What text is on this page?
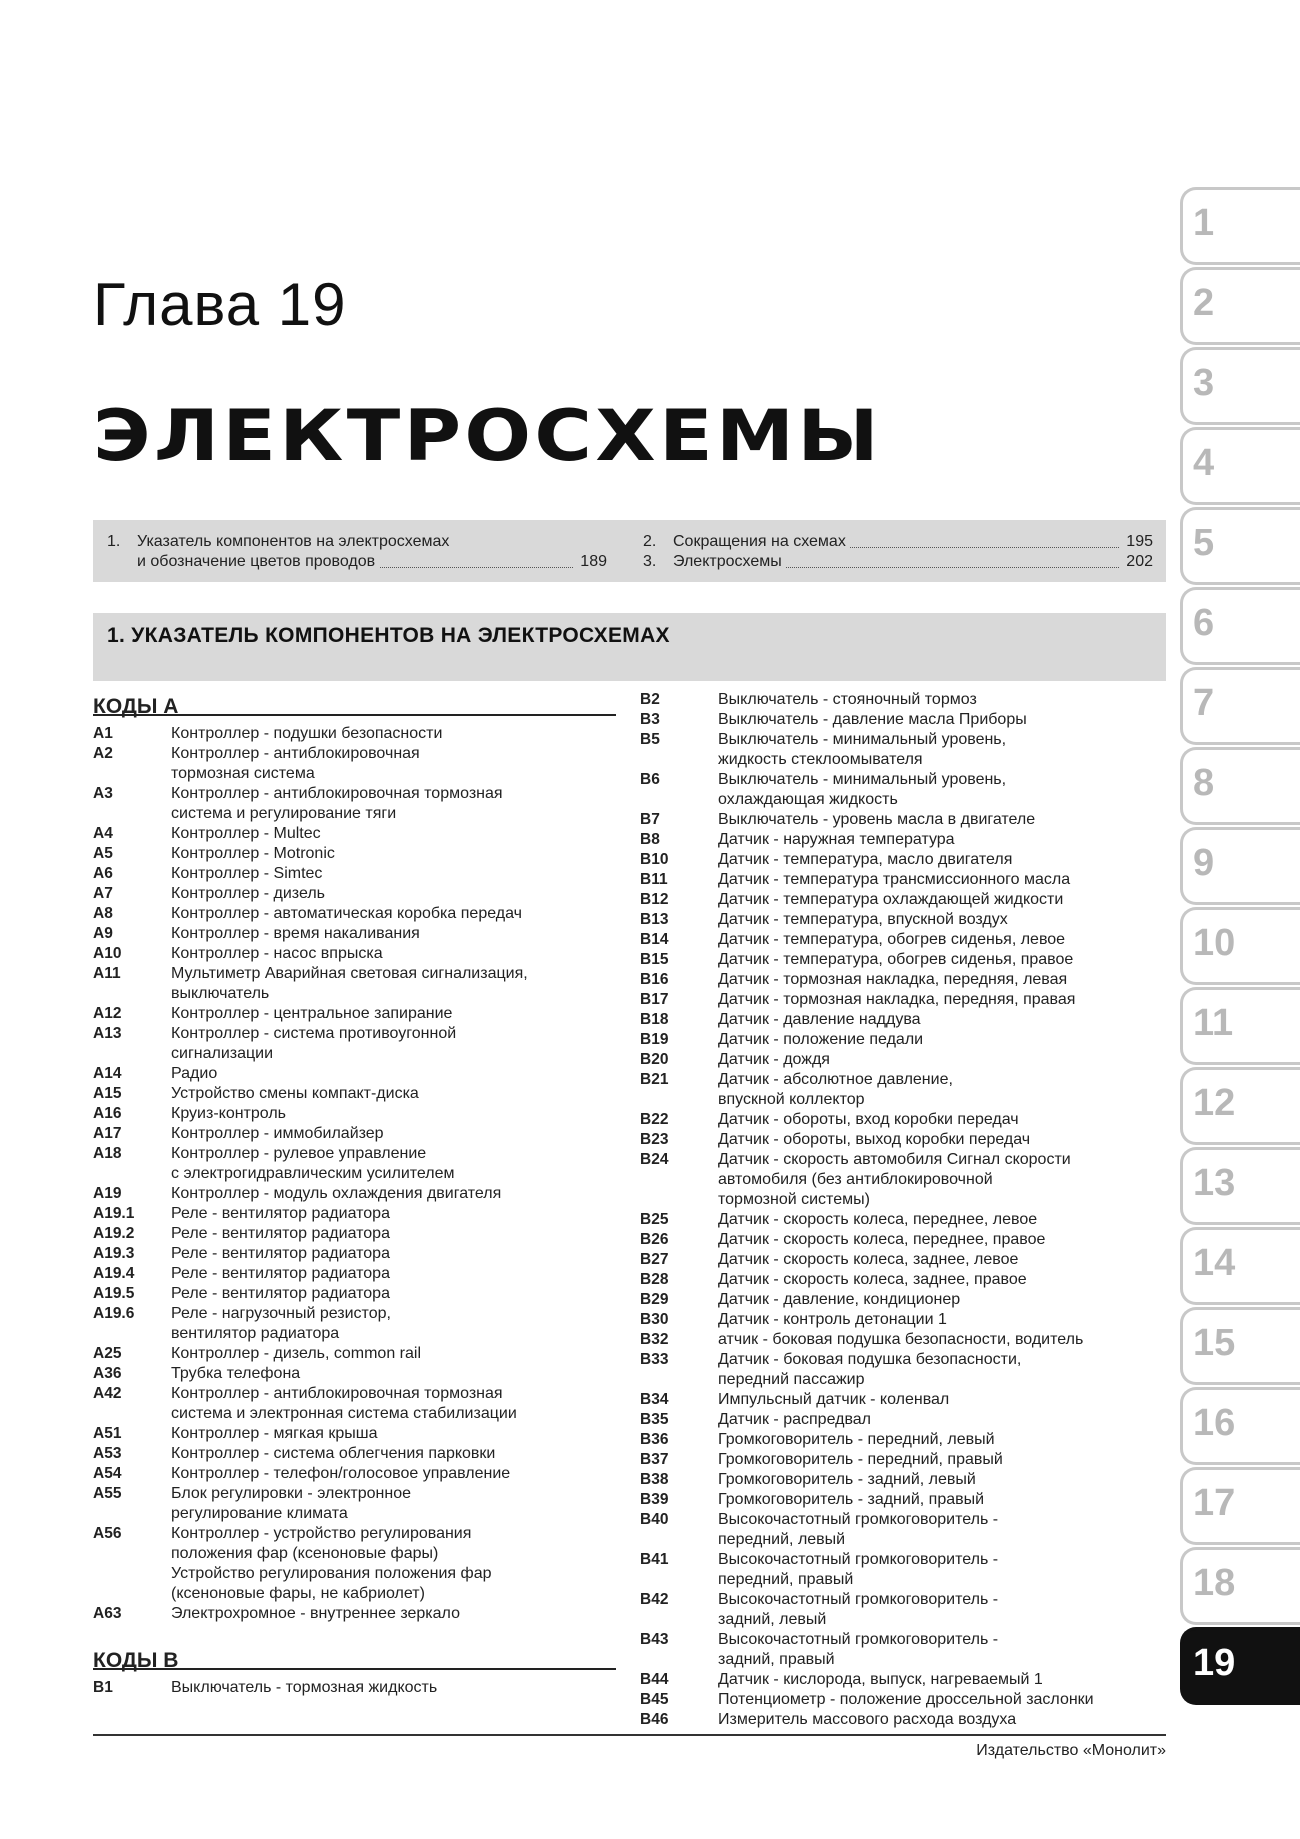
Глава 19
ЭЛЕКТРОСХЕМЫ
1. Указатель компонентов на электросхемах
и обозначение цветов проводов	189
2. Сокращения на схемах	195
3. Электросхемы	202
1. УКАЗАТЕЛЬ КОМПОНЕНТОВ НА ЭЛЕКТРОСХЕМАХ
КОДЫ А
A1	Контроллер - подушки безопасности
A2	Контроллер - антиблокировочная
тормозная система
A3	Контроллер - антиблокировочная тормозная
система и регулирование тяги
A4	Контроллер - Multec
A5	Контроллер - Motronic
A6	Контроллер - Simtec
A7	Контроллер - дизель
A8	Контроллер - автоматическая коробка передач
A9	Контроллер - время накаливания
A10	Контроллер - насос впрыска
A11	Мультиметр Аварийная световая сигнализация,
выключатель
A12	Контроллер - центральное запирание
A13	Контроллер - система противоугонной
сигнализации
A14	Радио
A15	Устройство смены компакт-диска
A16	Круиз-контроль
A17	Контроллер - иммобилайзер
A18	Контроллер - рулевое управление
с электрогидравлическим усилителем
A19	Контроллер - модуль охлаждения двигателя
A19.1	Реле - вентилятор радиатора
A19.2	Реле - вентилятор радиатора
A19.3	Реле - вентилятор радиатора
A19.4	Реле - вентилятор радиатора
A19.5	Реле - вентилятор радиатора
A19.6	Реле - нагрузочный резистор,
вентилятор радиатора
A25	Контроллер - дизель, common rail
A36	Трубка телефона
A42	Контроллер - антиблокировочная тормозная
система и электронная система стабилизации
A51	Контроллер - мягкая крыша
A53	Контроллер - система облегчения парковки
A54	Контроллер - телефон/голосовое управление
A55	Блок регулировки - электронное
регулирование климата
A56	Контроллер - устройство регулирования
положения фар (ксеноновые фары)
Устройство регулирования положения фар
(ксеноновые фары, не кабриолет)
A63	Электрохромное - внутреннее зеркало
КОДЫ В
B1	Выключатель - тормозная жидкость
B2	Выключатель - стояночный тормоз
B3	Выключатель - давление масла Приборы
B5	Выключатель - минимальный уровень,
жидкость стеклоомывателя
B6	Выключатель - минимальный уровень,
охлаждающая жидкость
B7	Выключатель - уровень масла в двигателе
B8	Датчик - наружная температура
B10	Датчик - температура, масло двигателя
B11	Датчик - температура трансмиссионного масла
B12	Датчик - температура охлаждающей жидкости
B13	Датчик - температура, впускной воздух
B14	Датчик - температура, обогрев сиденья, левое
B15	Датчик - температура, обогрев сиденья, правое
B16	Датчик - тормозная накладка, передняя, левая
B17	Датчик - тормозная накладка, передняя, правая
B18	Датчик - давление наддува
B19	Датчик - положение педали
B20	Датчик - дождя
B21	Датчик - абсолютное давление,
впускной коллектор
B22	Датчик - обороты, вход коробки передач
B23	Датчик - обороты, выход коробки передач
B24	Датчик - скорость автомобиля Сигнал скорости
автомобиля (без антиблокировочной
тормозной системы)
B25	Датчик - скорость колеса, переднее, левое
B26	Датчик - скорость колеса, переднее, правое
B27	Датчик - скорость колеса, заднее, левое
B28	Датчик - скорость колеса, заднее, правое
B29	Датчик - давление, кондиционер
B30	Датчик - контроль детонации 1
B32	атчик - боковая подушка безопасности, водитель
B33	Датчик - боковая подушка безопасности,
передний пассажир
B34	Импульсный датчик - коленвал
B35	Датчик - распредвал
B36	Громкоговоритель - передний, левый
B37	Громкоговоритель - передний, правый
B38	Громкоговоритель - задний, левый
B39	Громкоговоритель - задний, правый
B40	Высокочастотный громкоговоритель -
передний, левый
B41	Высокочастотный громкоговоритель -
передний, правый
B42	Высокочастотный громкоговоритель -
задний, левый
B43	Высокочастотный громкоговоритель -
задний, правый
B44	Датчик - кислорода, выпуск, нагреваемый 1
B45	Потенциометр - положение дроссельной заслонки
B46	Измеритель массового расхода воздуха
1
2
3
4
5
6
7
8
9
10
11
12
13
14
15
16
17
18
19
Издательство «Монолит»
